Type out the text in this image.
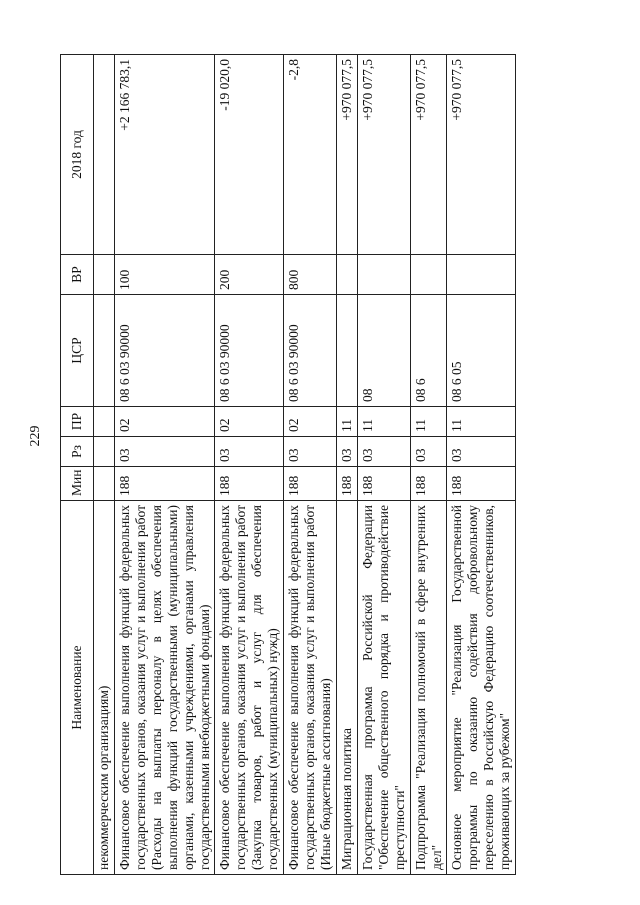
229
Наименование	Мин	Рз	ПР	ЦСР	ВР	2018 год
некоммерческим организациям)						
Финансовое обеспечение выполнения функций федеральных государственных органов, оказания услуг и выполнения работ (Расходы на выплаты персоналу в целях обеспечения выполнения функций государственными (муниципальными) органами, казенными учреждениями, органами управления государственными внебюджетными фондами)	188	03	02	08 6 03 90000	100	+2 166 783,1
Финансовое обеспечение выполнения функций федеральных государственных органов, оказания услуг и выполнения работ (Закупка товаров, работ и услуг для обеспечения государственных (муниципальных) нужд)	188	03	02	08 6 03 90000	200	-19 020,0
Финансовое обеспечение выполнения функций федеральных государственных органов, оказания услуг и выполнения работ (Иные бюджетные ассигнования)	188	03	02	08 6 03 90000	800	-2,8
Миграционная политика	188	03	11			+970 077,5
Государственная программа Российской Федерации "Обеспечение общественного порядка и противодействие преступности"	188	03	11	08		+970 077,5
Подпрограмма "Реализация полномочий в сфере внутренних дел"	188	03	11	08 6		+970 077,5
Основное мероприятие "Реализация Государственной программы по оказанию содействия добровольному переселению в Российскую Федерацию соотечественников, проживающих за рубежом"	188	03	11	08 6 05		+970 077,5
